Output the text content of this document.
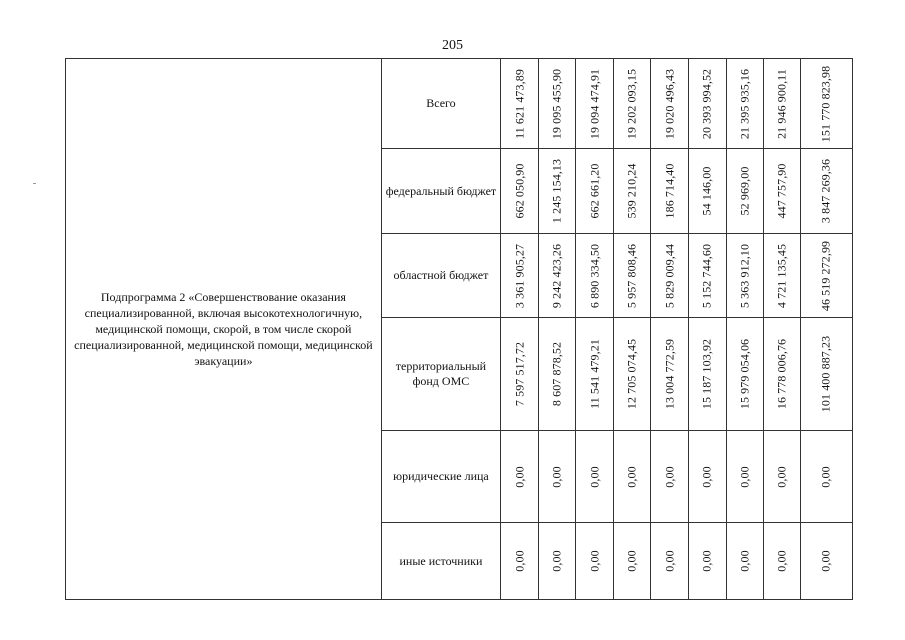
205
Подпрограмма 2 «Совершенствование оказания специализированной, включая высокотехнологичную, медицинской помощи, скорой, в том числе скорой специализированной, медицинской помощи, медицинской эвакуации»	Всего	11 621 473,89	19 095 455,90	19 094 474,91	19 202 093,15	19 020 496,43	20 393 994,52	21 395 935,16	21 946 900,11	151 770 823,98

	федеральный бюджет	662 050,90	1 245 154,13	662 661,20	539 210,24	186 714,40	54 146,00	52 969,00	447 757,90	3 847 269,36

	областной бюджет	3 361 905,27	9 242 423,26	6 890 334,50	5 957 808,46	5 829 009,44	5 152 744,60	5 363 912,10	4 721 135,45	46 519 272,99

	территориальный фонд ОМС	7 597 517,72	8 607 878,52	11 541 479,21	12 705 074,45	13 004 772,59	15 187 103,92	15 979 054,06	16 778 006,76	101 400 887,23

	юридические лица	0,00	0,00	0,00	0,00	0,00	0,00	0,00	0,00	0,00

	иные источники	0,00	0,00	0,00	0,00	0,00	0,00	0,00	0,00	0,00
